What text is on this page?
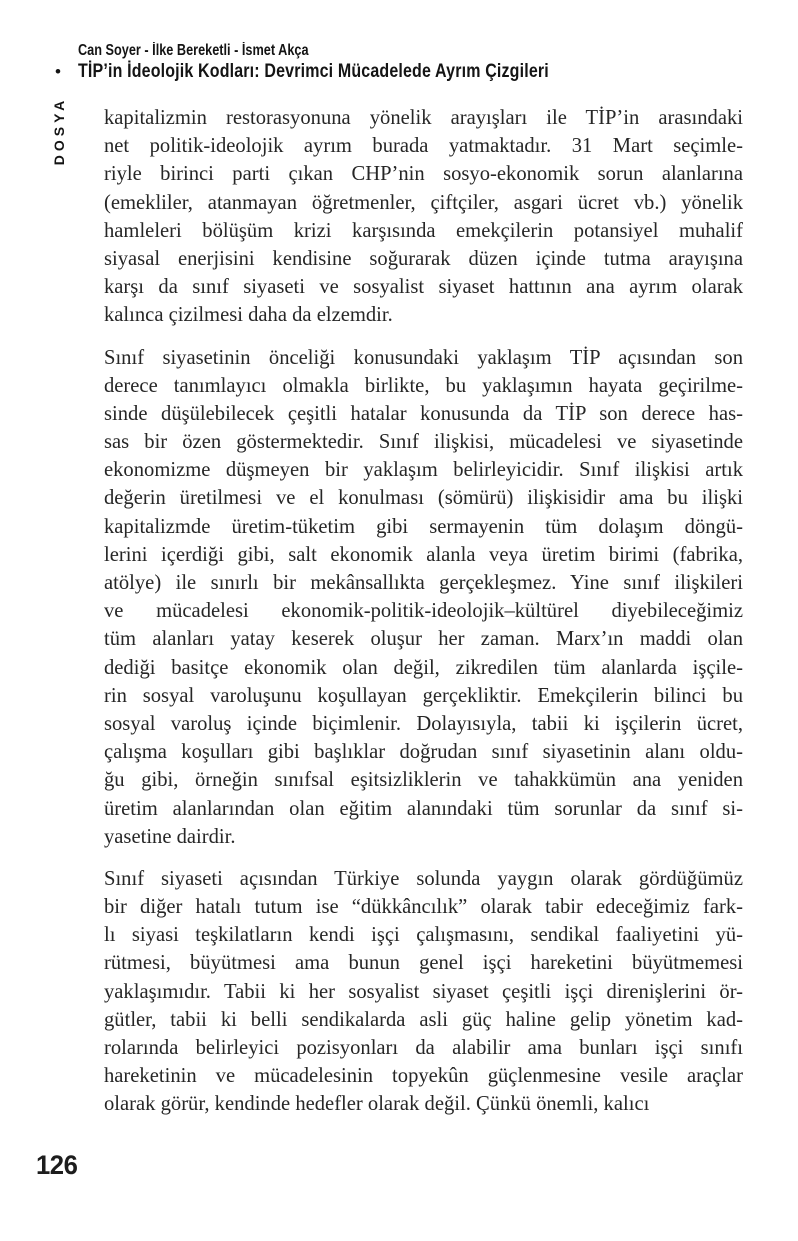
DOSYA
Can Soyer - İlke Bereketli - İsmet Akça
• TİP’in İdeolojik Kodları: Devrimci Mücadelede Ayrım Çizgileri
kapitalizmin restorasyonuna yönelik arayışları ile TİP’in arasındaki
net politik-ideolojik ayrım burada yatmaktadır. 31 Mart seçimle-
riyle birinci parti çıkan CHP’nin sosyo-ekonomik sorun alanlarına
(emekliler, atanmayan öğretmenler, çiftçiler, asgari ücret vb.) yönelik
hamleleri bölüşüm krizi karşısında emekçilerin potansiyel muhalif
siyasal enerjisini kendisine soğurarak düzen içinde tutma arayışına
karşı da sınıf siyaseti ve sosyalist siyaset hattının ana ayrım olarak
kalınca çizilmesi daha da elzemdir.
Sınıf siyasetinin önceliği konusundaki yaklaşım TİP açısından son
derece tanımlayıcı olmakla birlikte, bu yaklaşımın hayata geçirilme-
sinde düşülebilecek çeşitli hatalar konusunda da TİP son derece has-
sas bir özen göstermektedir. Sınıf ilişkisi, mücadelesi ve siyasetinde
ekonomizme düşmeyen bir yaklaşım belirleyicidir. Sınıf ilişkisi artık
değerin üretilmesi ve el konulması (sömürü) ilişkisidir ama bu ilişki
kapitalizmde üretim-tüketim gibi sermayenin tüm dolaşım döngü-
lerini içerdiği gibi, salt ekonomik alanla veya üretim birimi (fabrika,
atölye) ile sınırlı bir mekânsallıkta gerçekleşmez. Yine sınıf ilişkileri
ve mücadelesi ekonomik-politik-ideolojik–kültürel diyebileceğimiz
tüm alanları yatay keserek oluşur her zaman. Marx’ın maddi olan
dediği basitçe ekonomik olan değil, zikredilen tüm alanlarda işçile-
rin sosyal varoluşunu koşullayan gerçekliktir. Emekçilerin bilinci bu
sosyal varoluş içinde biçimlenir. Dolayısıyla, tabii ki işçilerin ücret,
çalışma koşulları gibi başlıklar doğrudan sınıf siyasetinin alanı oldu-
ğu gibi, örneğin sınıfsal eşitsizliklerin ve tahakkümün ana yeniden
üretim alanlarından olan eğitim alanındaki tüm sorunlar da sınıf si-
yasetine dairdir.
Sınıf siyaseti açısından Türkiye solunda yaygın olarak gördüğümüz
bir diğer hatalı tutum ise “dükkâncılık” olarak tabir edeceğimiz fark-
lı siyasi teşkilatların kendi işçi çalışmasını, sendikal faaliyetini yü-
rütmesi, büyütmesi ama bunun genel işçi hareketini büyütmemesi
yaklaşımıdır. Tabii ki her sosyalist siyaset çeşitli işçi direnişlerini ör-
gütler, tabii ki belli sendikalarda asli güç haline gelip yönetim kad-
rolarında belirleyici pozisyonları da alabilir ama bunları işçi sınıfı
hareketinin ve mücadelesinin topyekûn güçlenmesine vesile araçlar
olarak görür, kendinde hedefler olarak değil. Çünkü önemli, kalıcı
126
